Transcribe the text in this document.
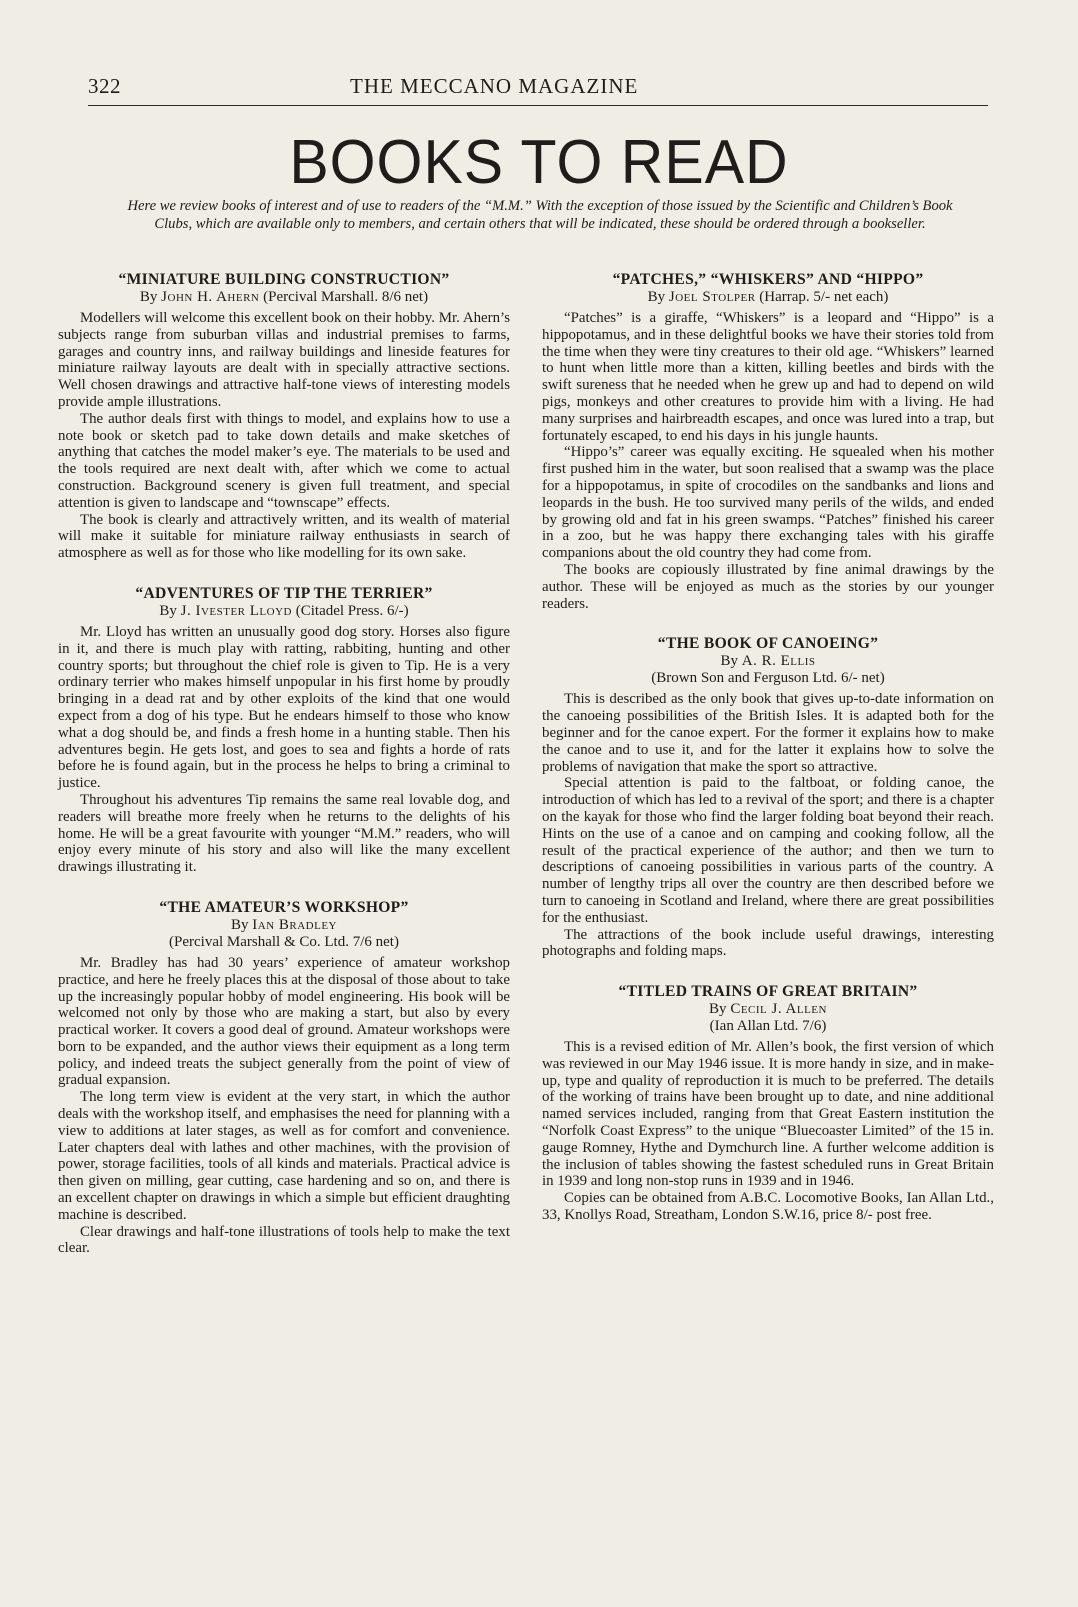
322	THE MECCANO MAGAZINE
BOOKS TO READ
Here we review books of interest and of use to readers of the “M.M.” With the exception of those issued by the Scientific and Children’s Book Clubs, which are available only to members, and certain others that will be indicated, these should be ordered through a bookseller.
“MINIATURE BUILDING CONSTRUCTION”
By John H. Ahern (Percival Marshall. 8/6 net)

Modellers will welcome this excellent book on their hobby. Mr. Ahern’s subjects range from suburban villas and industrial premises to farms, garages and country inns, and railway buildings and lineside features for miniature railway layouts are dealt with in specially attractive sections. Well chosen drawings and attractive half-tone views of interesting models provide ample illustrations.

The author deals first with things to model, and explains how to use a note book or sketch pad to take down details and make sketches of anything that catches the model maker’s eye. The materials to be used and the tools required are next dealt with, after which we come to actual construction. Background scenery is given full treatment, and special attention is given to landscape and “townscape” effects.

The book is clearly and attractively written, and its wealth of material will make it suitable for miniature railway enthusiasts in search of atmosphere as well as for those who like modelling for its own sake.

“ADVENTURES OF TIP THE TERRIER”
By J. Ivester Lloyd (Citadel Press. 6/-)

Mr. Lloyd has written an unusually good dog story. Horses also figure in it, and there is much play with ratting, rabbiting, hunting and other country sports; but throughout the chief role is given to Tip. He is a very ordinary terrier who makes himself unpopular in his first home by proudly bringing in a dead rat and by other exploits of the kind that one would expect from a dog of his type. But he endears himself to those who know what a dog should be, and finds a fresh home in a hunting stable. Then his adventures begin. He gets lost, and goes to sea and fights a horde of rats before he is found again, but in the process he helps to bring a criminal to justice.

Throughout his adventures Tip remains the same real lovable dog, and readers will breathe more freely when he returns to the delights of his home. He will be a great favourite with younger “M.M.” readers, who will enjoy every minute of his story and also will like the many excellent drawings illustrating it.

“THE AMATEUR’S WORKSHOP”
By Ian Bradley
(Percival Marshall & Co. Ltd. 7/6 net)

Mr. Bradley has had 30 years’ experience of amateur workshop practice, and here he freely places this at the disposal of those about to take up the increasingly popular hobby of model engineering. His book will be welcomed not only by those who are making a start, but also by every practical worker. It covers a good deal of ground. Amateur workshops were born to be expanded, and the author views their equipment as a long term policy, and indeed treats the subject generally from the point of view of gradual expansion.

The long term view is evident at the very start, in which the author deals with the workshop itself, and emphasises the need for planning with a view to additions at later stages, as well as for comfort and convenience. Later chapters deal with lathes and other machines, with the provision of power, storage facilities, tools of all kinds and materials. Practical advice is then given on milling, gear cutting, case hardening and so on, and there is an excellent chapter on drawings in which a simple but efficient draughting machine is described.

Clear drawings and half-tone illustrations of tools help to make the text clear.

“PATCHES,” “WHISKERS” AND “HIPPO”
By Joel Stolper (Harrap. 5/- net each)

“Patches” is a giraffe, “Whiskers” is a leopard and “Hippo” is a hippopotamus, and in these delightful books we have their stories told from the time when they were tiny creatures to their old age. “Whiskers” learned to hunt when little more than a kitten, killing beetles and birds with the swift sureness that he needed when he grew up and had to depend on wild pigs, monkeys and other creatures to provide him with a living. He had many surprises and hairbreadth escapes, and once was lured into a trap, but fortunately escaped, to end his days in his jungle haunts.

“Hippo’s” career was equally exciting. He squealed when his mother first pushed him in the water, but soon realised that a swamp was the place for a hippopotamus, in spite of crocodiles on the sandbanks and lions and leopards in the bush. He too survived many perils of the wilds, and ended by growing old and fat in his green swamps. “Patches” finished his career in a zoo, but he was happy there exchanging tales with his giraffe companions about the old country they had come from.

The books are copiously illustrated by fine animal drawings by the author. These will be enjoyed as much as the stories by our younger readers.

“THE BOOK OF CANOEING”
By A. R. Ellis
(Brown Son and Ferguson Ltd. 6/- net)

This is described as the only book that gives up-to-date information on the canoeing possibilities of the British Isles. It is adapted both for the beginner and for the canoe expert. For the former it explains how to make the canoe and to use it, and for the latter it explains how to solve the problems of navigation that make the sport so attractive.

Special attention is paid to the faltboat, or folding canoe, the introduction of which has led to a revival of the sport; and there is a chapter on the kayak for those who find the larger folding boat beyond their reach. Hints on the use of a canoe and on camping and cooking follow, all the result of the practical experience of the author; and then we turn to descriptions of canoeing possibilities in various parts of the country. A number of lengthy trips all over the country are then described before we turn to canoeing in Scotland and Ireland, where there are great possibilities for the enthusiast.

The attractions of the book include useful drawings, interesting photographs and folding maps.

“TITLED TRAINS OF GREAT BRITAIN”
By Cecil J. Allen
(Ian Allan Ltd. 7/6)

This is a revised edition of Mr. Allen’s book, the first version of which was reviewed in our May 1946 issue. It is more handy in size, and in make-up, type and quality of reproduction it is much to be preferred. The details of the working of trains have been brought up to date, and nine additional named services included, ranging from that Great Eastern institution the “Norfolk Coast Express” to the unique “Bluecoaster Limited” of the 15 in. gauge Romney, Hythe and Dymchurch line. A further welcome addition is the inclusion of tables showing the fastest scheduled runs in Great Britain in 1939 and long non-stop runs in 1939 and in 1946.

Copies can be obtained from A.B.C. Locomotive Books, Ian Allan Ltd., 33, Knollys Road, Streatham, London S.W.16, price 8/- post free.
